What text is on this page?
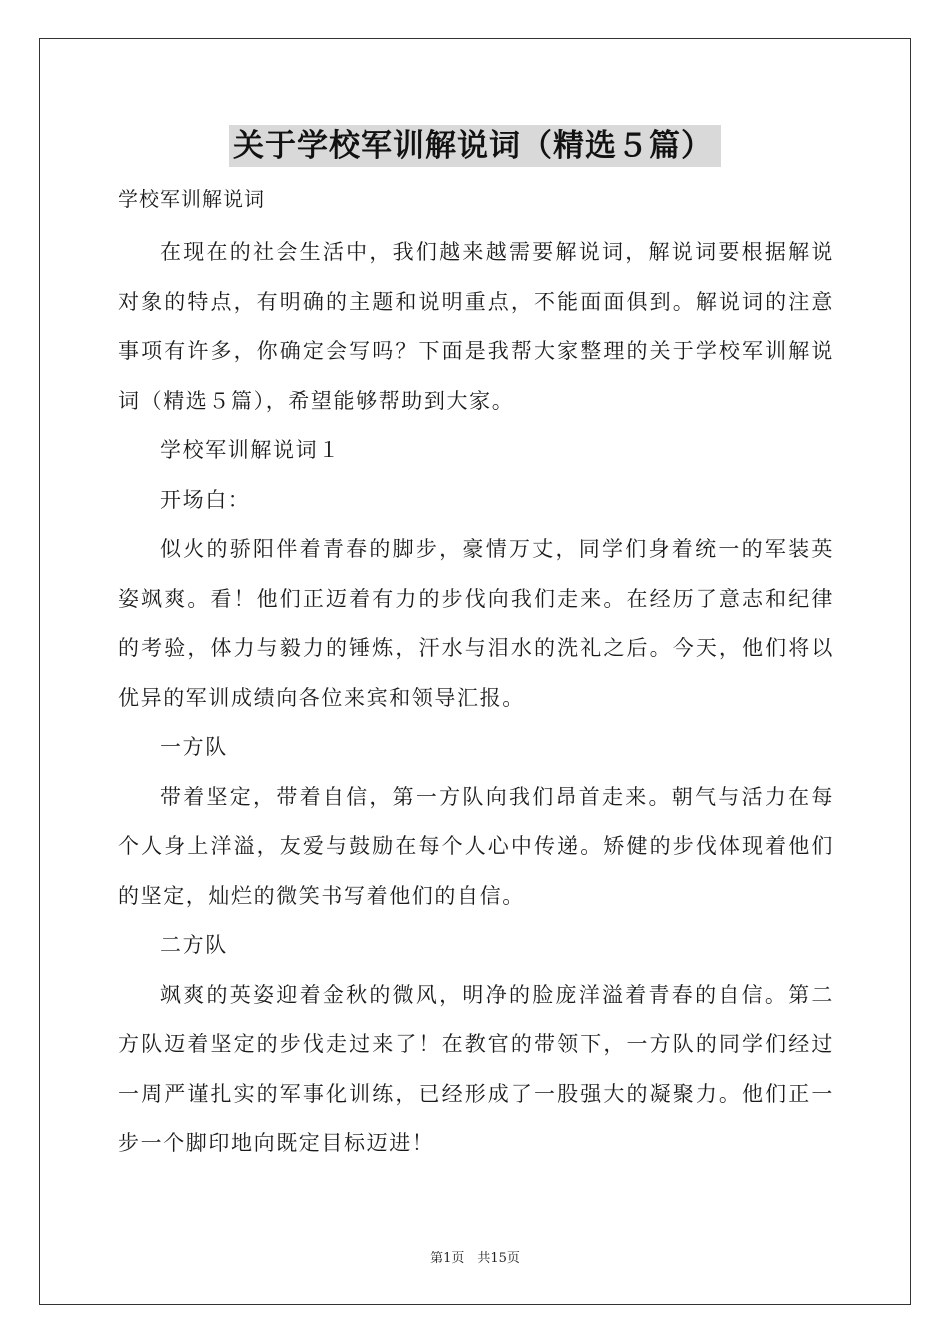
关于学校军训解说词（精选５篇）

学校军训解说词

在现在的社会生活中，我们越来越需要解说词，解说词要根据解说对象的特点，有明确的主题和说明重点，不能面面俱到。解说词的注意事项有许多，你确定会写吗？下面是我帮大家整理的关于学校军训解说词（精选５篇），希望能够帮助到大家。

学校军训解说词１

开场白：

似火的骄阳伴着青春的脚步，豪情万丈，同学们身着统一的军装英姿飒爽。看！他们正迈着有力的步伐向我们走来。在经历了意志和纪律的考验，体力与毅力的锤炼，汗水与泪水的洗礼之后。今天，他们将以优异的军训成绩向各位来宾和领导汇报。

一方队

带着坚定，带着自信，第一方队向我们昂首走来。朝气与活力在每个人身上洋溢，友爱与鼓励在每个人心中传递。矫健的步伐体现着他们的坚定，灿烂的微笑书写着他们的自信。

二方队

飒爽的英姿迎着金秋的微风，明净的脸庞洋溢着青春的自信。第二方队迈着坚定的步伐走过来了！在教官的带领下，一方队的同学们经过一周严谨扎实的军事化训练，已经形成了一股强大的凝聚力。他们正一步一个脚印地向既定目标迈进！

第1页　共15页
